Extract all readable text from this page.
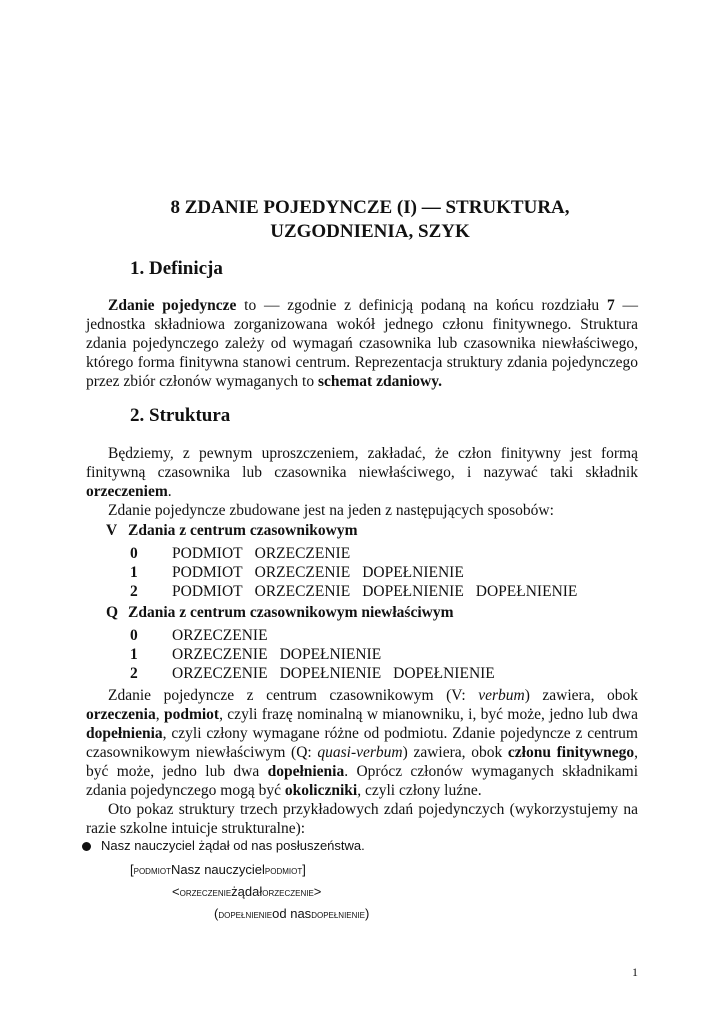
8 ZDANIE POJEDYNCZE (I) — STRUKTURA,
UZGODNIENIA, SZYK
1. Definicja

Zdanie pojedyncze to — zgodnie z definicją podaną na końcu rozdziału 7 — jednostka składniowa zorganizowana wokół jednego członu finitywnego. Struktura zdania pojedynczego zależy od wymagań czasownika lub czasownika niewłaściwego, którego forma finitywna stanowi centrum. Reprezentacja struktury zdania pojedynczego przez zbiór członów wymaganych to schemat zdaniowy.

2. Struktura

Będziemy, z pewnym uproszczeniem, zakładać, że człon finitywny jest formą finitywną czasownika lub czasownika niewłaściwego, i nazywać taki składnik orzeczeniem.

Zdanie pojedyncze zbudowane jest na jeden z następujących sposobów:

V Zdania z centrum czasownikowym
0 PODMIOT ORZECZENIE
1 PODMIOT ORZECZENIE DOPEŁNIENIE
2 PODMIOT ORZECZENIE DOPEŁNIENIE DOPEŁNIENIE
Q Zdania z centrum czasownikowym niewłaściwym
0 ORZECZENIE
1 ORZECZENIE DOPEŁNIENIE
2 ORZECZENIE DOPEŁNIENIE DOPEŁNIENIE

Zdanie pojedyncze z centrum czasownikowym (V: verbum) zawiera, obok orzeczenia, podmiot, czyli frazę nominalną w mianowniku, i, być może, jedno lub dwa dopełnienia, czyli człony wymagane różne od podmiotu. Zdanie pojedyncze z centrum czasownikowym niewłaściwym (Q: quasi-verbum) zawiera, obok członu finitywnego, być może, jedno lub dwa dopełnienia. Oprócz członów wymaganych składnikami zdania pojedynczego mogą być okoliczniki, czyli człony luźne.

Oto pokaz struktury trzech przykładowych zdań pojedynczych (wykorzystujemy na razie szkolne intuicje strukturalne):

Nasz nauczyciel żądał od nas posłuszeństwa.
[PODMIOTNasz nauczycielPODMIOT]
<ORZECZENIEżądałORZECZENIE>
(DOPEŁNIENIEod nasDOPEŁNIENIE)
1
